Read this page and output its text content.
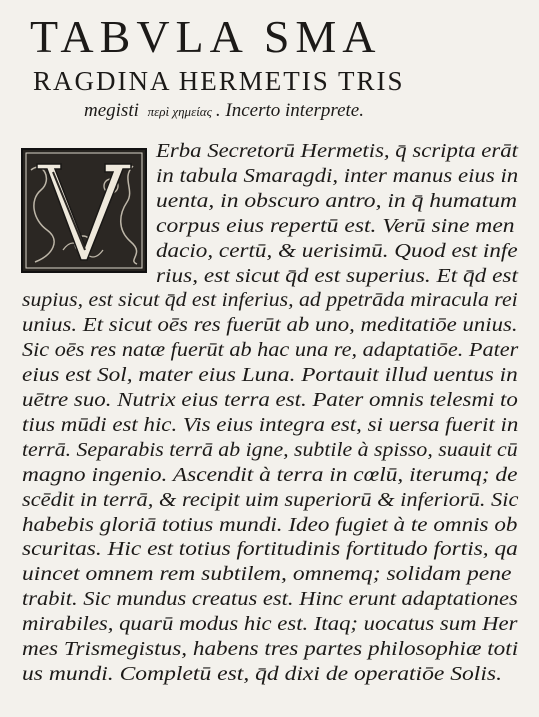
TABVLA SMA
RAGDINA HERMETIS TRIS
megisti περὶ χημείας . Incerto interprete.
Erba Secretorū Hermetis, q̄ scripta erāt
in tabula Smaragdi, inter manus eius in
uenta, in obscuro antro, in q̄ humatum
corpus eius repertū est. Verū sine men
dacio, certū, & uerisimū. Quod est infe
rius, est sicut q̄d est superius. Et q̄d est
supius, est sicut q̄d est inferius, ad ppetrāda miracula rei
unius. Et sicut oēs res fuerūt ab uno, meditatiōe unius.
Sic oēs res natæ fuerūt ab hac una re, adaptatiōe. Pater
eius est Sol, mater eius Luna. Portauit illud uentus in
uētre suo. Nutrix eius terra est. Pater omnis telesmi to
tius mūdi est hic. Vis eius integra est, si uersa fuerit in
terrā. Separabis terrā ab igne, subtile à spisso, suauit cū
magno ingenio. Ascendit à terra in cœlū, iterumq; de
scēdit in terrā, & recipit uim superiorū & inferiorū. Sic
habebis gloriā totius mundi. Ideo fugiet à te omnis ob
scuritas. Hic est totius fortitudinis fortitudo fortis, qa
uincet omnem rem subtilem, omnemq; solidam pene
trabit. Sic mundus creatus est. Hinc erunt adaptationes
mirabiles, quarū modus hic est. Itaq; uocatus sum Her
mes Trismegistus, habens tres partes philosophiæ toti
us mundi. Completū est, q̄d dixi de operatiōe Solis.
